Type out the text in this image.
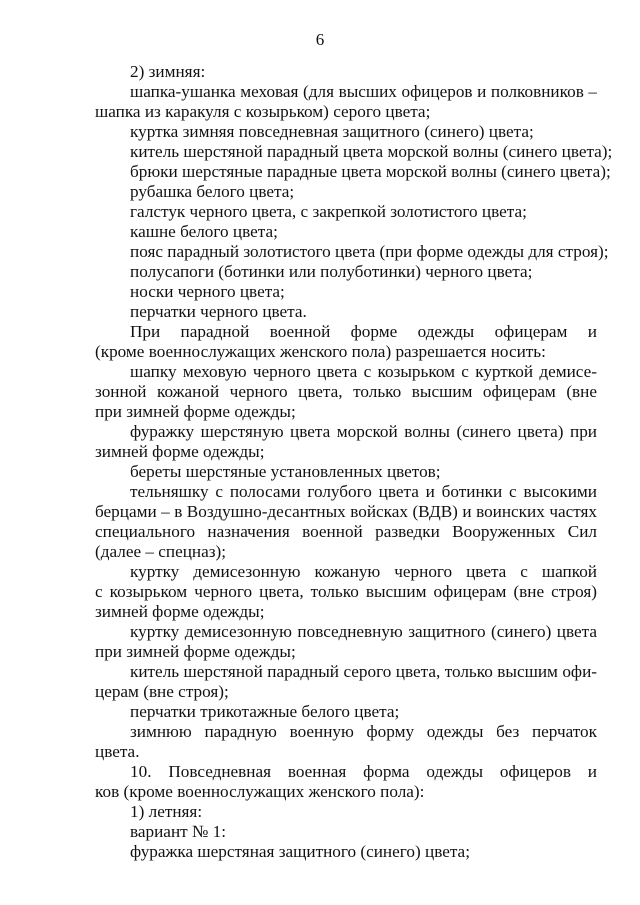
6
2) зимняя:
шапка-ушанка меховая (для высших офицеров и полковников –
шапка из каракуля с козырьком) серого цвета;
куртка зимняя повседневная защитного (синего) цвета;
китель шерстяной парадный цвета морской волны (синего цвета);
брюки шерстяные парадные цвета морской волны (синего цвета);
рубашка белого цвета;
галстук черного цвета, с закрепкой золотистого цвета;
кашне белого цвета;
пояс парадный золотистого цвета (при форме одежды для строя);
полусапоги (ботинки или полуботинки) черного цвета;
носки черного цвета;
перчатки черного цвета.
При парадной военной форме одежды офицерам и
(кроме военнослужащих женского пола) разрешается носить:
шапку меховую черного цвета с козырьком с курткой демисе-
зонной кожаной черного цвета, только высшим офицерам (вне
при зимней форме одежды;
фуражку шерстяную цвета морской волны (синего цвета) при
зимней форме одежды;
береты шерстяные установленных цветов;
тельняшку с полосами голубого цвета и ботинки с высокими
берцами – в Воздушно-десантных войсках (ВДВ) и воинских частях
специального назначения военной разведки Вооруженных Сил
(далее – спецназ);
куртку демисезонную кожаную черного цвета с шапкой
с козырьком черного цвета, только высшим офицерам (вне строя)
зимней форме одежды;
куртку демисезонную повседневную защитного (синего) цвета
при зимней форме одежды;
китель шерстяной парадный серого цвета, только высшим офи-
церам (вне строя);
перчатки трикотажные белого цвета;
зимнюю парадную военную форму одежды без перчаток
цвета.
10. Повседневная военная форма одежды офицеров и
ков (кроме военнослужащих женского пола):
1) летняя:
вариант № 1:
фуражка шерстяная защитного (синего) цвета;
